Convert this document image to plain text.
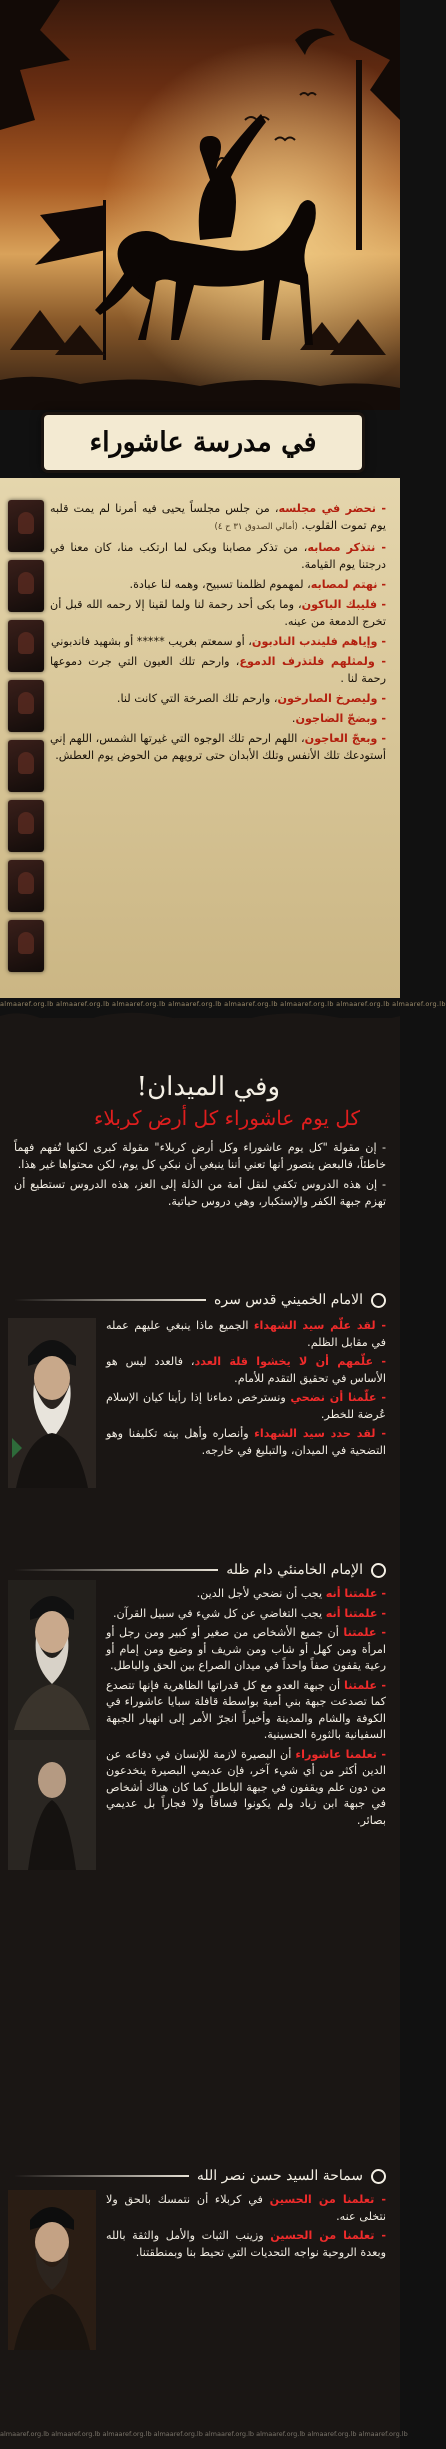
في مدرسة عاشوراء

- نحضر في مجلسه، من جلس مجلساً يحيى فيه أمرنا لم يمت قلبه يوم تموت القلوب. (أمالي الصدوق ٣١ ح ٤)

- نتذكر مصابه، من تذكر مصابنا وبكى لما ارتكب منا، كان معنا في درجتنا يوم القيامة.

- نهتم لمصابه، لمهموم لظلمنا تسبيح، وهمه لنا عبادة.

- فليبك الباكون، وما بكى أحد رحمة لنا ولما لقينا إلا رحمه الله قبل أن تخرج الدمعة من عينه.

- وإياهم فليندب النادبون، أو سمعتم بغريب ***** أو بشهيد فاندبوني

- ولمثلهم فلتذرف الدموع، وارحم تلك العيون التي جرت دموعها رحمة لنا .

- وليصرخ الصارخون، وارحم تلك الصرخة التي كانت لنا.

- وبضجّ الضاجون.

- وبعجّ العاجون، اللهم ارحم تلك الوجوه التي غيرتها الشمس، اللهم إني أستودعك تلك الأنفس وتلك الأبدان حتى ترويهم من الحوض يوم العطش.

almaaref.org.lb almaaref.org.lb almaaref.org.lb almaaref.org.lb almaaref.org.lb almaaref.org.lb almaaref.org.lb almaaref.org.lb
وفي الميدان!
كل يوم عاشوراء كل أرض كربلاء

- إن مقولة "كل يوم عاشوراء وكل أرض كربلاء" مقولة كبرى لكنها تُفهم فهماً خاطئاً، فالبعض يتصور أنها تعني أننا ينبغي أن نبكي كل يوم، لكن محتواها غير هذا.

- إن هذه الدروس تكفي لنقل أمة من الذلة إلى العز، هذه الدروس تستطيع أن تهزم جبهة الكفر والإستكبار، وهي دروس حياتية.

الامام الخميني قدس سره

- لقد علّم سيد الشهداء الجميع ماذا ينبغي عليهم عمله في مقابل الظلم.

- علّمهم أن لا يخشوا قلة العدد، فالعدد ليس هو الأساس في تحقيق التقدم للأمام.

- علّمنا أن نضحي ونسترخص دماءنا إذا رأينا كيان الإسلام عُرضة للخطر.

- لقد حدد سيد الشهداء وأنصاره وأهل بيته تكليفنا وهو التضحية في الميدان، والتبليغ في خارجه.

الإمام الخامنئي دام ظله

- علمتنا أنه يجب أن نضحي لأجل الدين.

- علمتنا أنه يجب التغاضي عن كل شيء في سبيل القرآن.

- علمتنا أن جميع الأشخاص من صغير أو كبير ومن رجل أو امرأة ومن كهل أو شاب ومن شريف أو وضيع ومن إمام أو رعية يقفون صفاً واحداً في ميدان الصراع بين الحق والباطل.

- علمتنا أن جبهة العدو مع كل قدراتها الظاهرية فإنها تتصدع كما تصدعت جبهة بني أمية بواسطة قافلة سبايا عاشوراء في الكوفة والشام والمدينة وأخيراً انجرّ الأمر إلى انهيار الجبهة السفيانية بالثورة الحسينية.

- تعلمنا عاشوراء أن البصيرة لازمة للإنسان في دفاعه عن الدين أكثر من أي شيء آخر، فإن عديمي البصيرة ينخدعون من دون علم ويقفون في جبهة الباطل كما كان هناك أشخاص في جبهة ابن زياد ولم يكونوا فساقاً ولا فجاراً بل عديمي بصائر.

سماحة السيد حسن نصر الله

- تعلمنا من الحسين في كربلاء أن نتمسك بالحق ولا نتخلى عنه.

- تعلمنا من الحسين وزينب الثبات والأمل والثقة بالله وبعدة الروحية نواجه التحديات التي تحيط بنا وبمنطقتنا.

almaaref.org.lb almaaref.org.lb almaaref.org.lb almaaref.org.lb almaaref.org.lb almaaref.org.lb almaaref.org.lb almaaref.org.lb
